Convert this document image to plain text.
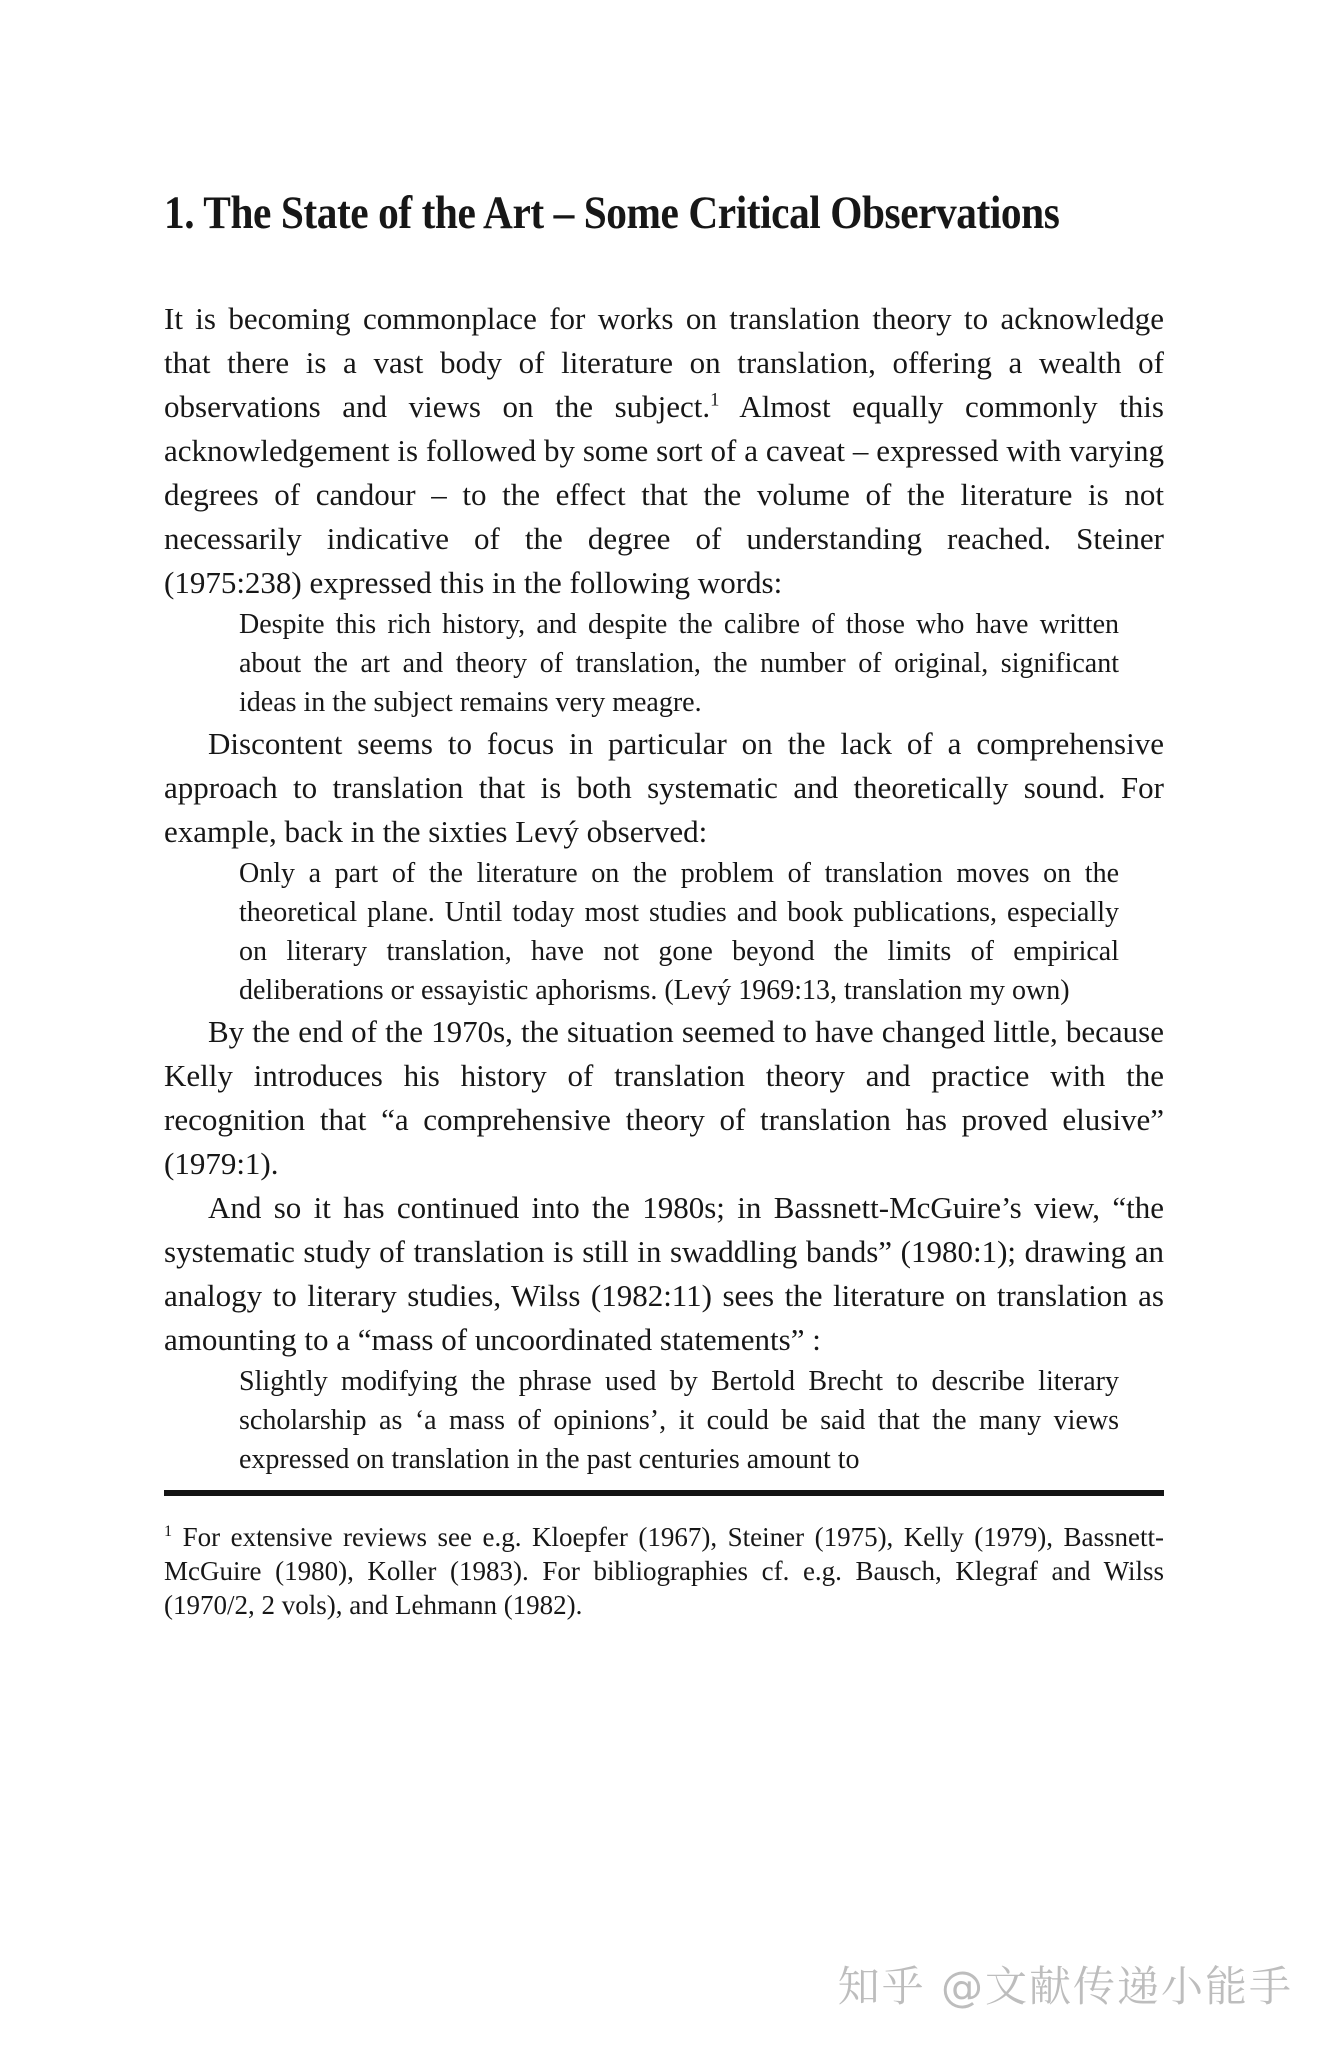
1. The State of the Art – Some Critical Observations

It is becoming commonplace for works on translation theory to acknowledge that there is a vast body of literature on translation, offering a wealth of observations and views on the subject.$^1$ Almost equally commonly this acknowledgement is followed by some sort of a caveat – expressed with varying degrees of candour – to the effect that the volume of the literature is not necessarily indicative of the degree of understanding reached. Steiner (1975:238) expressed this in the following words:

Despite this rich history, and despite the calibre of those who have written about the art and theory of translation, the number of original, significant ideas in the subject remains very meagre.

Discontent seems to focus in particular on the lack of a comprehensive approach to translation that is both systematic and theoretically sound. For example, back in the sixties Levý observed:

Only a part of the literature on the problem of translation moves on the theoretical plane. Until today most studies and book publications, especially on literary translation, have not gone beyond the limits of empirical deliberations or essayistic aphorisms. (Levý 1969:13, translation my own)

By the end of the 1970s, the situation seemed to have changed little, because Kelly introduces his history of translation theory and practice with the recognition that “a comprehensive theory of translation has proved elusive” (1979:1).

And so it has continued into the 1980s; in Bassnett-McGuire’s view, “the systematic study of translation is still in swaddling bands” (1980:1); drawing an analogy to literary studies, Wilss (1982:11) sees the literature on translation as amounting to a “mass of uncoordinated statements” :

Slightly modifying the phrase used by Bertold Brecht to describe literary scholarship as ‘a mass of opinions’, it could be said that the many views expressed on translation in the past centuries amount to

$^1$ For extensive reviews see e.g. Kloepfer (1967), Steiner (1975), Kelly (1979), Bassnett-McGuire (1980), Koller (1983). For bibliographies cf. e.g. Bausch, Klegraf and Wilss (1970/2, 2 vols), and Lehmann (1982).

知乎 @文献传递小能手
